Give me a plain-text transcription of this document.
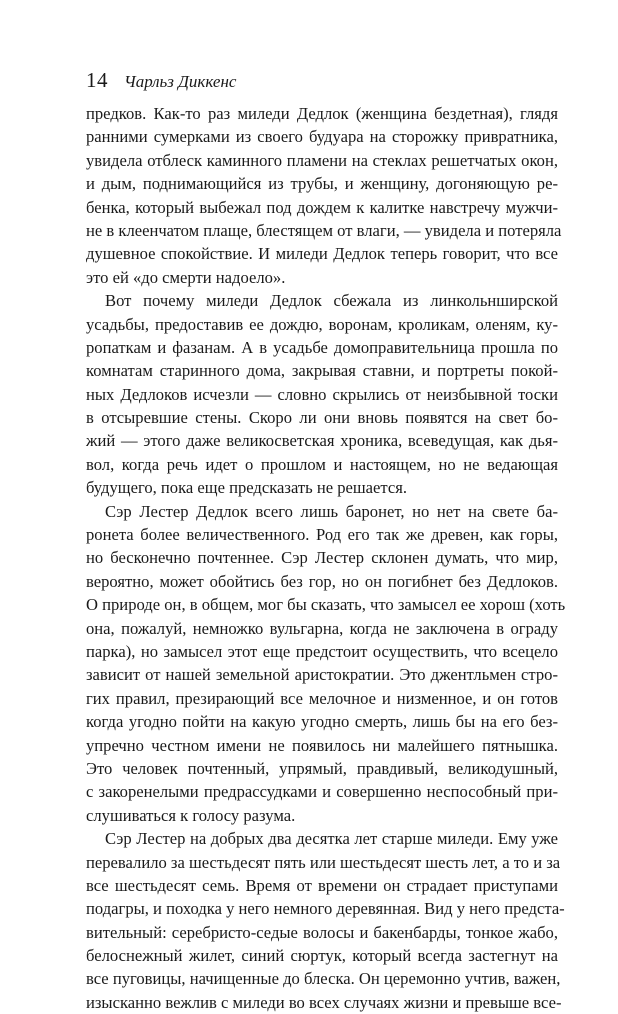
14 Чарльз Диккенс
предков. Как-то раз миледи Дедлок (женщина бездетная), глядя
ранними сумерками из своего будуара на сторожку привратника,
увидела отблеск каминного пламени на стеклах решетчатых окон,
и дым, поднимающийся из трубы, и женщину, догоняющую ре-
бенка, который выбежал под дождем к калитке навстречу мужчи-
не в клеенчатом плаще, блестящем от влаги, — увидела и потеряла
душевное спокойствие. И миледи Дедлок теперь говорит, что все
это ей «до смерти надоело».
Вот почему миледи Дедлок сбежала из линкольнширской
усадьбы, предоставив ее дождю, воронам, кроликам, оленям, ку-
ропаткам и фазанам. А в усадьбе домоправительница прошла по
комнатам старинного дома, закрывая ставни, и портреты покой-
ных Дедлоков исчезли — словно скрылись от неизбывной тоски
в отсыревшие стены. Скоро ли они вновь появятся на свет бо-
жий — этого даже великосветская хроника, всеведущая, как дья-
вол, когда речь идет о прошлом и настоящем, но не ведающая
будущего, пока еще предсказать не решается.
Сэр Лестер Дедлок всего лишь баронет, но нет на свете ба-
ронета более величественного. Род его так же древен, как горы,
но бесконечно почтеннее. Сэр Лестер склонен думать, что мир,
вероятно, может обойтись без гор, но он погибнет без Дедлоков.
О природе он, в общем, мог бы сказать, что замысел ее хорош (хоть
она, пожалуй, немножко вульгарна, когда не заключена в ограду
парка), но замысел этот еще предстоит осуществить, что всецело
зависит от нашей земельной аристократии. Это джентльмен стро-
гих правил, презирающий все мелочное и низменное, и он готов
когда угодно пойти на какую угодно смерть, лишь бы на его без-
упречно честном имени не появилось ни малейшего пятнышка.
Это человек почтенный, упрямый, правдивый, великодушный,
с закоренелыми предрассудками и совершенно неспособный при-
слушиваться к голосу разума.
Сэр Лестер на добрых два десятка лет старше миледи. Ему уже
перевалило за шестьдесят пять или шестьдесят шесть лет, а то и за
все шестьдесят семь. Время от времени он страдает приступами
подагры, и походка у него немного деревянная. Вид у него предста-
вительный: серебристо-седые волосы и бакенбарды, тонкое жабо,
белоснежный жилет, синий сюртук, который всегда застегнут на
все пуговицы, начищенные до блеска. Он церемонно учтив, важен,
изысканно вежлив с миледи во всех случаях жизни и превыше все-
